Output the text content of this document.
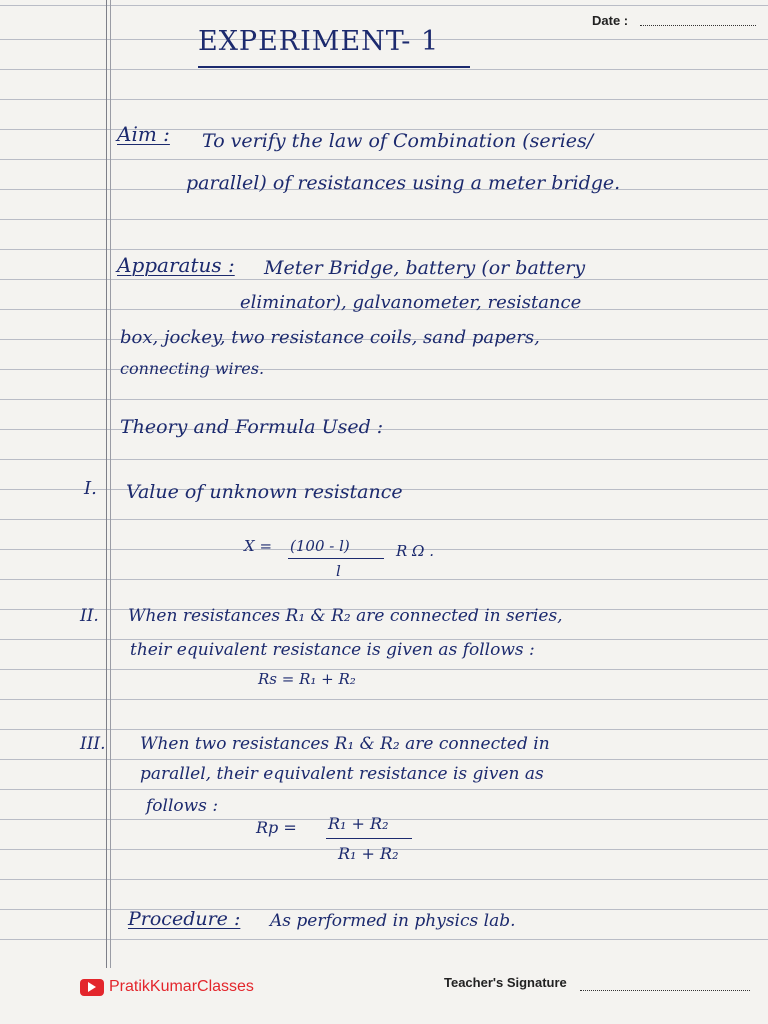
Date :
EXPERIMENT- 1
Aim : To verify the law of Combination (series/
parallel) of resistances using a meter bridge.
Apparatus : Meter Bridge, battery (or battery
eliminator), galvanometer, resistance
box, jockey, two resistance coils, sand papers,
connecting wires.
Theory and Formula Used :
I. Value of unknown resistance
X = (100 - l)	R Ω .
l
II. When resistances R₁ & R₂ are connected in series,
their equivalent resistance is given as follows :
Rs = R₁ + R₂
III. When two resistances R₁ & R₂ are connected in
parallel, their equivalent resistance is given as
follows :
Rp = R₁ + R₂
R₁ + R₂
Procedure : As performed in physics lab.
PratikKumarClasses	Teacher's Signature
